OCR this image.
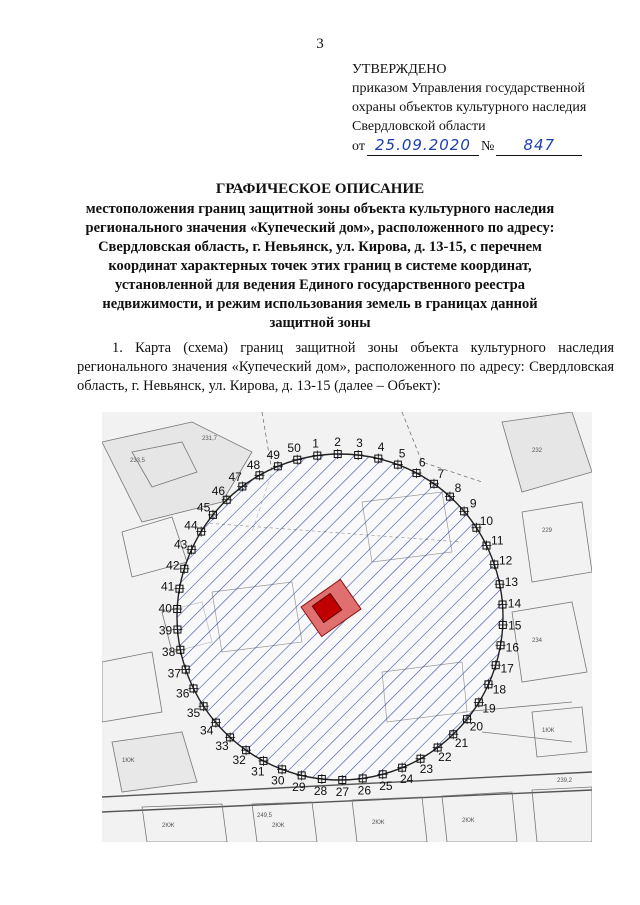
3
УТВЕРЖДЕНО
приказом Управления государственной
охраны объектов культурного наследия
Свердловской области
от 25.09.2020 №	847
ГРАФИЧЕСКОЕ ОПИСАНИЕ
местоположения границ защитной зоны объекта культурного наследия
регионального значения «Купеческий дом», расположенного по адресу:
Свердловская область, г. Невьянск, ул. Кирова, д. 13-15, с перечнем
координат характерных точек этих границ в системе координат,
установленной для ведения Единого государственного реестра
недвижимости, и режим использования земель в границах данной
защитной зоны
1. Карта (схема) границ защитной зоны объекта культурного наследия регионального значения «Купеческий дом», расположенного по адресу: Свердловская область, г. Невьянск, ул. Кирова, д. 13-15 (далее – Объект):
231,7
233,5
232
229
234
2КЖ	2КЖ	2КЖ	2КЖ
1КЖ
1КЖ
249,5
239,2
1 2 3 4 5
6
7
8
9
10
11
12
13
14
15
16
17
18
19
20
21
22
23
24
25
26
27
28
29
30
31
32
33
34
35
36
37
38
39
40
41
42
43
44
45
46
47
48
49
50
